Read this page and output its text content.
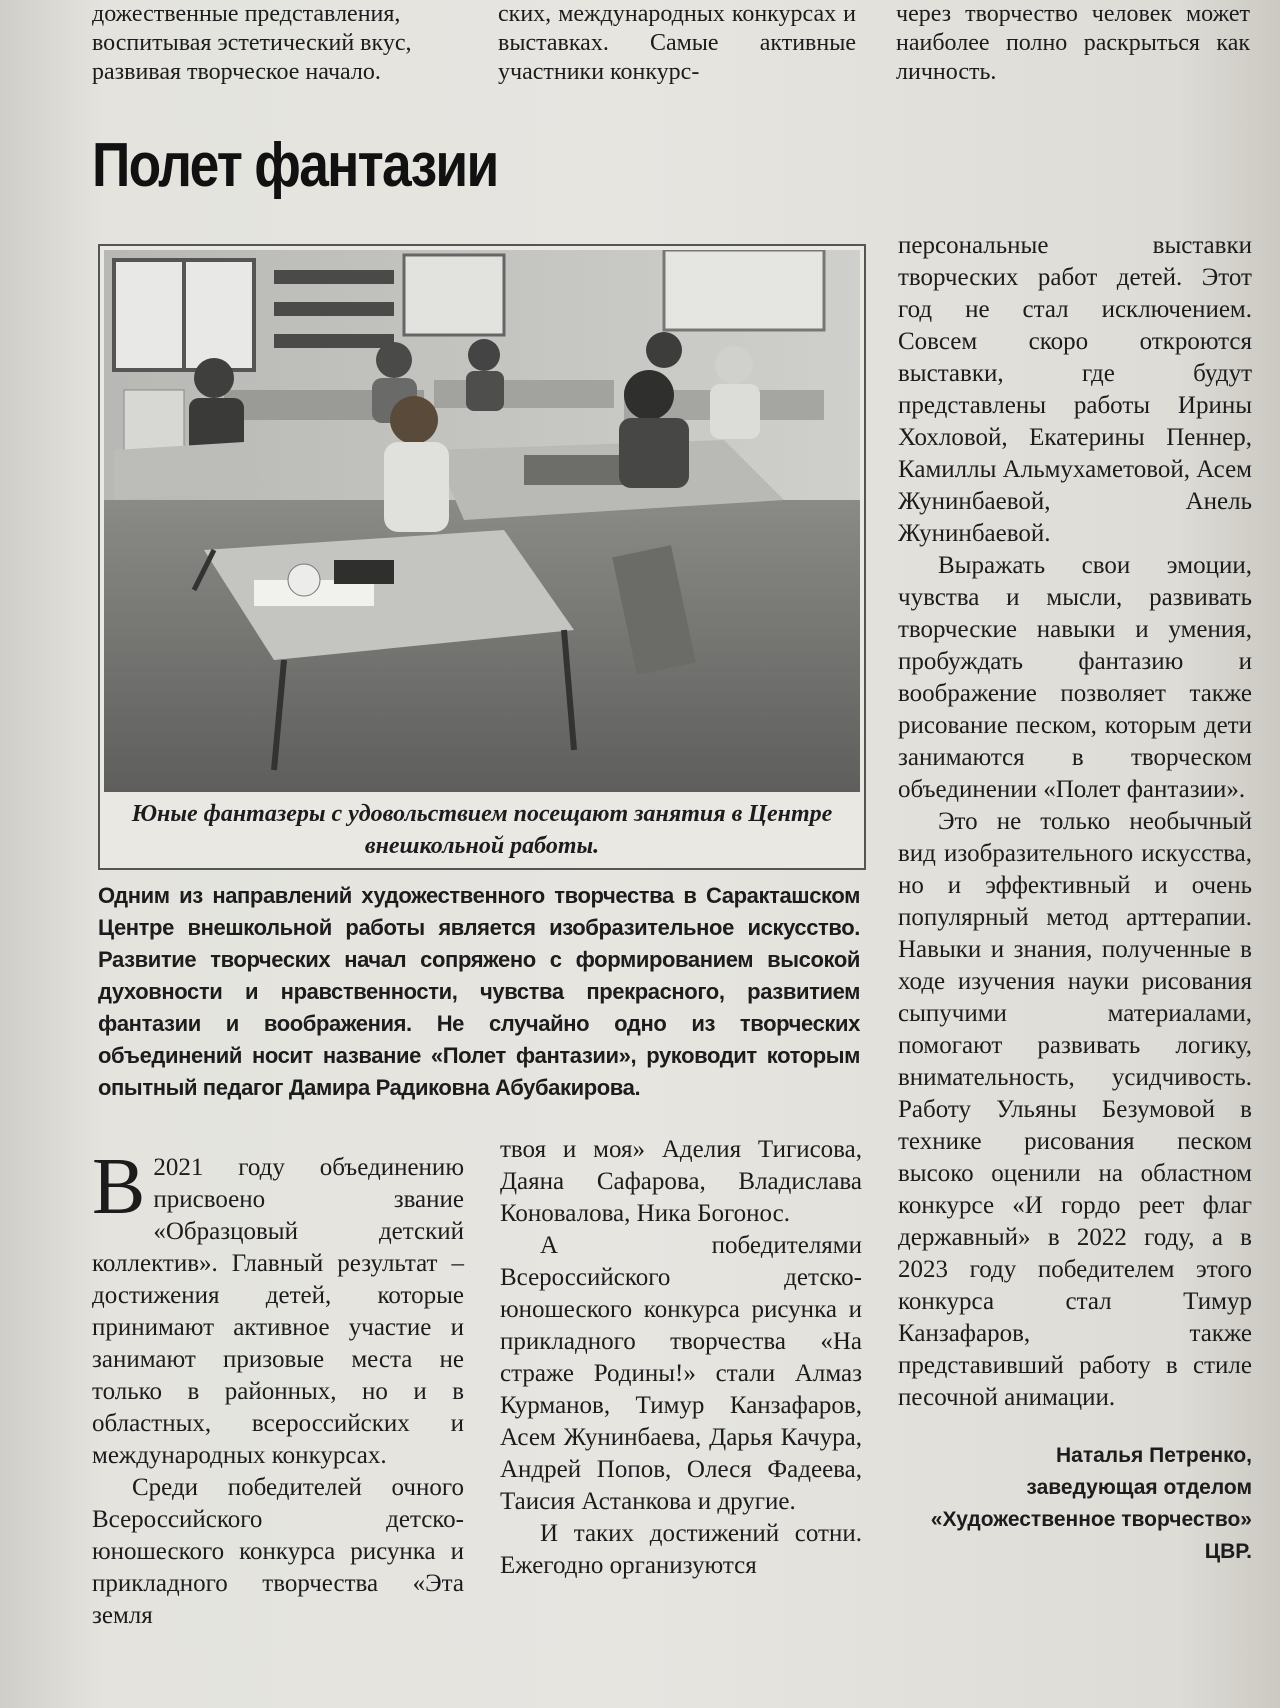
дожественные представления, воспитывая эстетический вкус, развивая творческое начало.

ских, международных конкурсах и выставках. Самые активные участники конкурс-

через творчество человек может наиболее полно раскрыться как личность.

Полет фантазии
Юные фантазеры с удовольствием посещают занятия в Центре внешкольной работы.

персональные выставки творческих работ детей. Этот год не стал исключением. Совсем скоро откроются выставки, где будут представлены работы Ирины Хохловой, Екатерины Пеннер, Камиллы Альмухаметовой, Асем Жунинбаевой, Анель Жунинбаевой.

Выражать свои эмоции, чувства и мысли, развивать творческие навыки и умения, пробуждать фантазию и воображение позволяет также рисование песком, которым дети занимаются в творческом объединении «Полет фантазии».

Это не только необычный вид изобразительного искусства, но и эффективный и очень популярный метод арттерапии. Навыки и знания, полученные в ходе изучения науки рисования сыпучими материалами, помогают развивать логику, внимательность, усидчивость. Работу Ульяны Безумовой в технике рисования песком высоко оценили на областном конкурсе «И гордо реет флаг державный» в 2022 году, а в 2023 году победителем этого конкурса стал Тимур Канзафаров, также представивший работу в стиле песочной анимации.

Одним из направлений художественного творчества в Саракташском Центре внешкольной работы является изобразительное искусство. Развитие творческих начал сопряжено с формированием высокой духовности и нравственности, чувства прекрасного, развитием фантазии и воображения. Не случайно одно из творческих объединений носит название «Полет фантазии», руководит которым опытный педагог Дамира Радиковна Абубакирова.

В 2021 году объединению присвоено звание «Образцовый детский коллектив». Главный результат – достижения детей, которые принимают активное участие и занимают призовые места не только в районных, но и в областных, всероссийских и международных конкурсах.

Среди победителей очного Всероссийского детско-юношеского конкурса рисунка и прикладного творчества «Эта земля

твоя и моя» Аделия Тигисова, Даяна Сафарова, Владислава Коновалова, Ника Богонос.

А победителями Всероссийского детско-юношеского конкурса рисунка и прикладного творчества «На страже Родины!» стали Алмаз Курманов, Тимур Канзафаров, Асем Жунинбаева, Дарья Качура, Андрей Попов, Олеся Фадеева, Таисия Астанкова и другие.

И таких достижений сотни. Ежегодно организуются

Наталья Петренко,
заведующая отделом
«Художественное творчество»
ЦВР.
